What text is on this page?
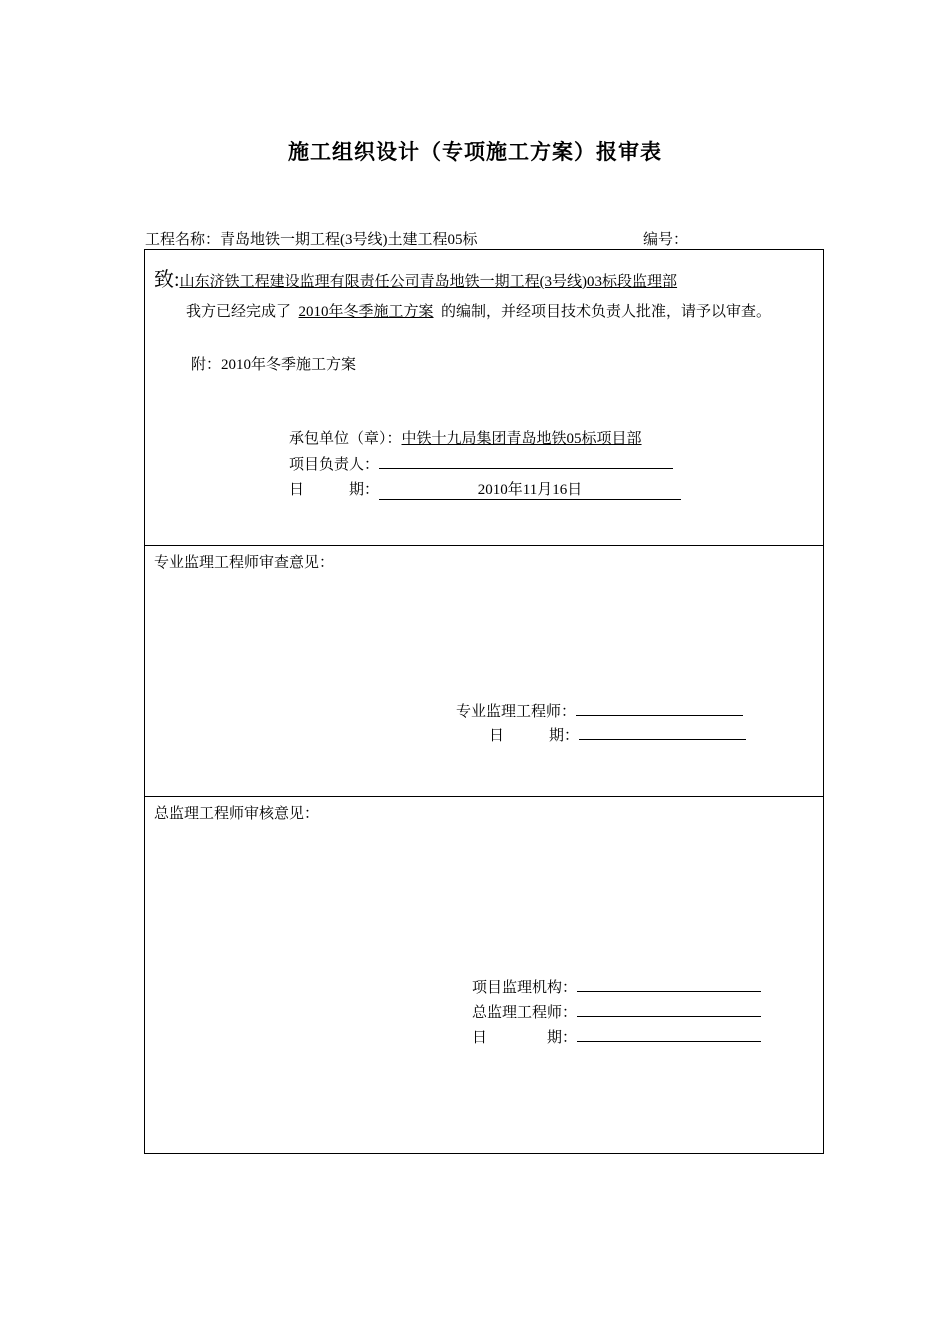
施工组织设计（专项施工方案）报审表
工程名称：青岛地铁一期工程(3号线)土建工程05标	编号：
致:山东济铁工程建设监理有限责任公司青岛地铁一期工程(3号线)03标段监理部
我方已经完成了 2010年冬季施工方案 的编制，并经项目技术负责人批准，请予以审查。
附：2010年冬季施工方案
承包单位（章）：中铁十九局集团青岛地铁05标项目部
项目负责人：
日　　　期：	2010年11月16日
专业监理工程师审查意见：
专业监理工程师：
日　　　期：
总监理工程师审核意见：
项目监理机构：
总监理工程师：
日　　　　期：
